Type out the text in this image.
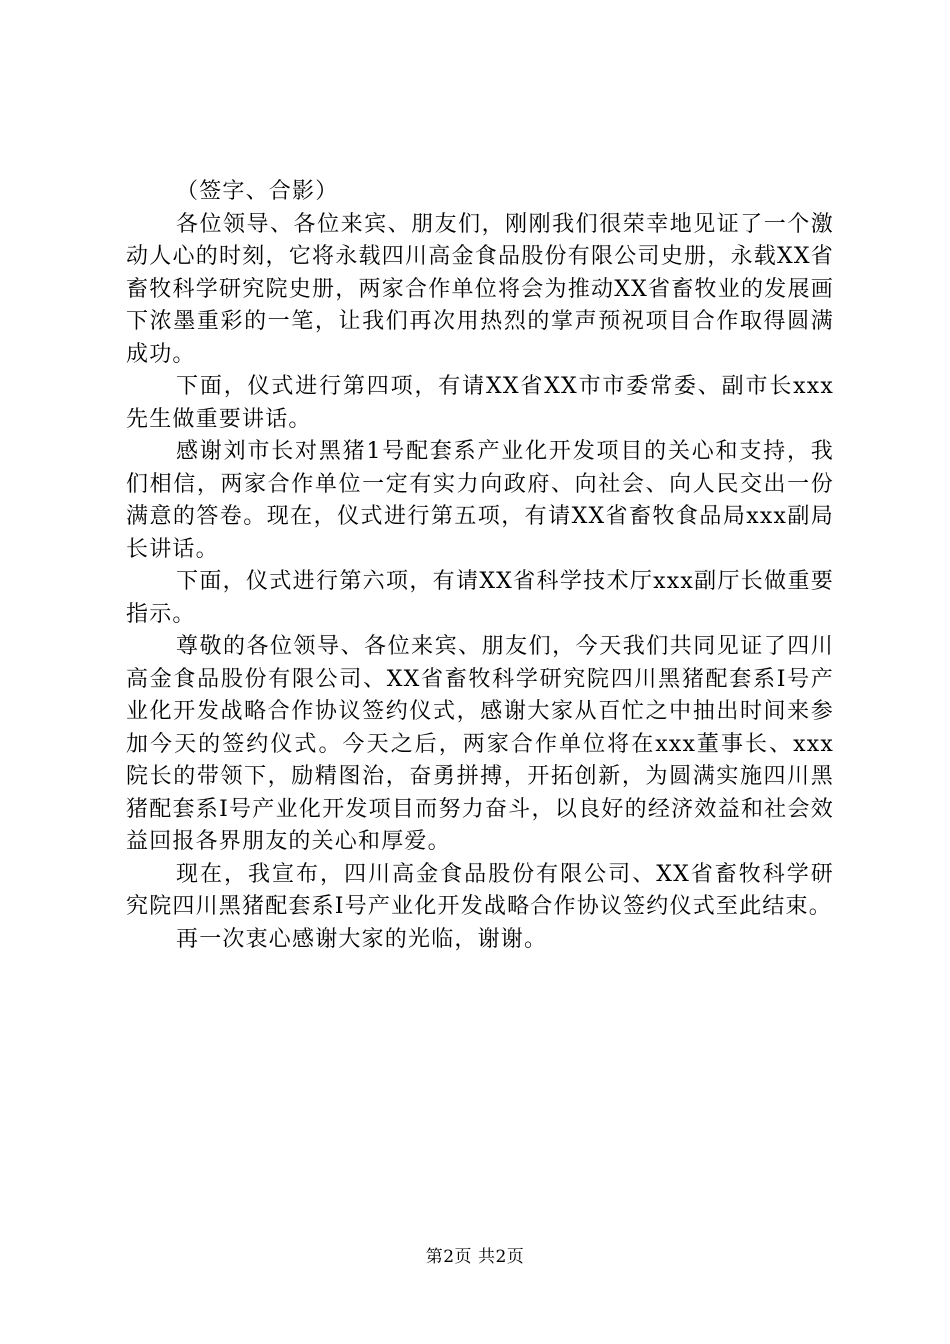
（签字、合影）

各位领导、各位来宾、朋友们，刚刚我们很荣幸地见证了一个激动人心的时刻，它将永载四川高金食品股份有限公司史册，永载XX省畜牧科学研究院史册，两家合作单位将会为推动XX省畜牧业的发展画下浓墨重彩的一笔，让我们再次用热烈的掌声预祝项目合作取得圆满成功。

下面，仪式进行第四项，有请XX省XX市市委常委、副市长xxx先生做重要讲话。

感谢刘市长对黑猪1号配套系产业化开发项目的关心和支持，我们相信，两家合作单位一定有实力向政府、向社会、向人民交出一份满意的答卷。现在，仪式进行第五项，有请XX省畜牧食品局xxx副局长讲话。

下面，仪式进行第六项，有请XX省科学技术厅xxx副厅长做重要指示。

尊敬的各位领导、各位来宾、朋友们，今天我们共同见证了四川高金食品股份有限公司、XX省畜牧科学研究院四川黑猪配套系Ⅰ号产业化开发战略合作协议签约仪式，感谢大家从百忙之中抽出时间来参加今天的签约仪式。今天之后，两家合作单位将在xxx董事长、xxx院长的带领下，励精图治，奋勇拼搏，开拓创新，为圆满实施四川黑猪配套系Ⅰ号产业化开发项目而努力奋斗，以良好的经济效益和社会效益回报各界朋友的关心和厚爱。

现在，我宣布，四川高金食品股份有限公司、XX省畜牧科学研究院四川黑猪配套系Ⅰ号产业化开发战略合作协议签约仪式至此结束。

再一次衷心感谢大家的光临，谢谢。

第2页 共2页
